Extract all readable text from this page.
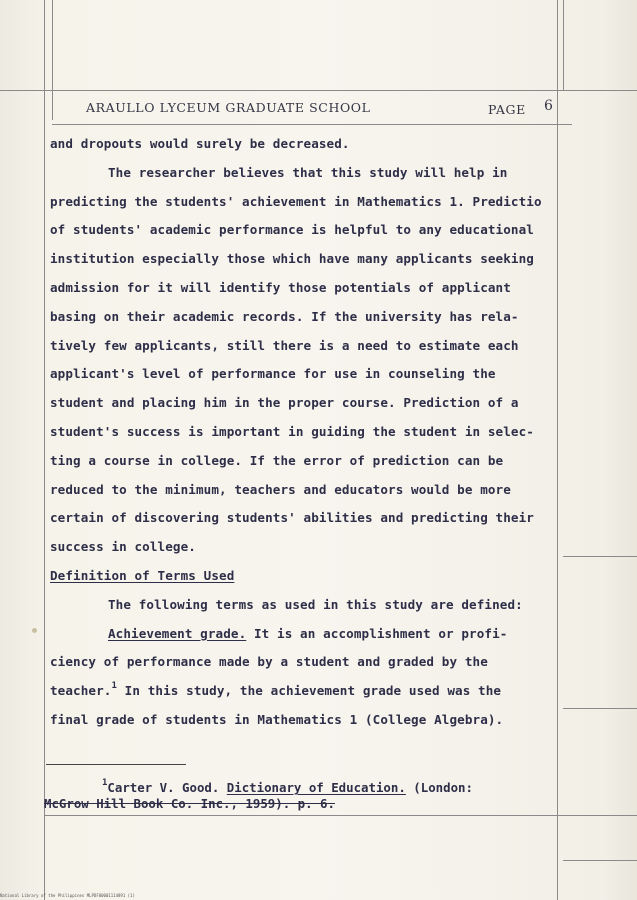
ARAULLO LYCEUM GRADUATE SCHOOL	PAGE 6
and dropouts would surely be decreased.
The researcher believes that this study will help in
predicting the students' achievement in Mathematics 1. Predictio
of students' academic performance is helpful to any educational
institution especially those which have many applicants seeking
admission for it will identify those potentials of applicant
basing on their academic records. If the university has rela-
tively few applicants, still there is a need to estimate each
applicant's level of performance for use in counseling the
student and placing him in the proper course. Prediction of a
student's success is important in guiding the student in selec-
ting a course in college. If the error of prediction can be
reduced to the minimum, teachers and educators would be more
certain of discovering students' abilities and predicting their
success in college.
Definition of Terms Used
The following terms as used in this study are defined:
Achievement grade. It is an accomplishment or profi-
ciency of performance made by a student and graded by the
teacher.$^1$ In this study, the achievement grade used was the
final grade of students in Mathematics 1 (College Algebra).
$^1$Carter V. Good. Dictionary of Education. (London:
McGrow Hill Book Co. Inc., 1959). p. 6.
National Library of the Philippines MLPDF00001114891 (1)
